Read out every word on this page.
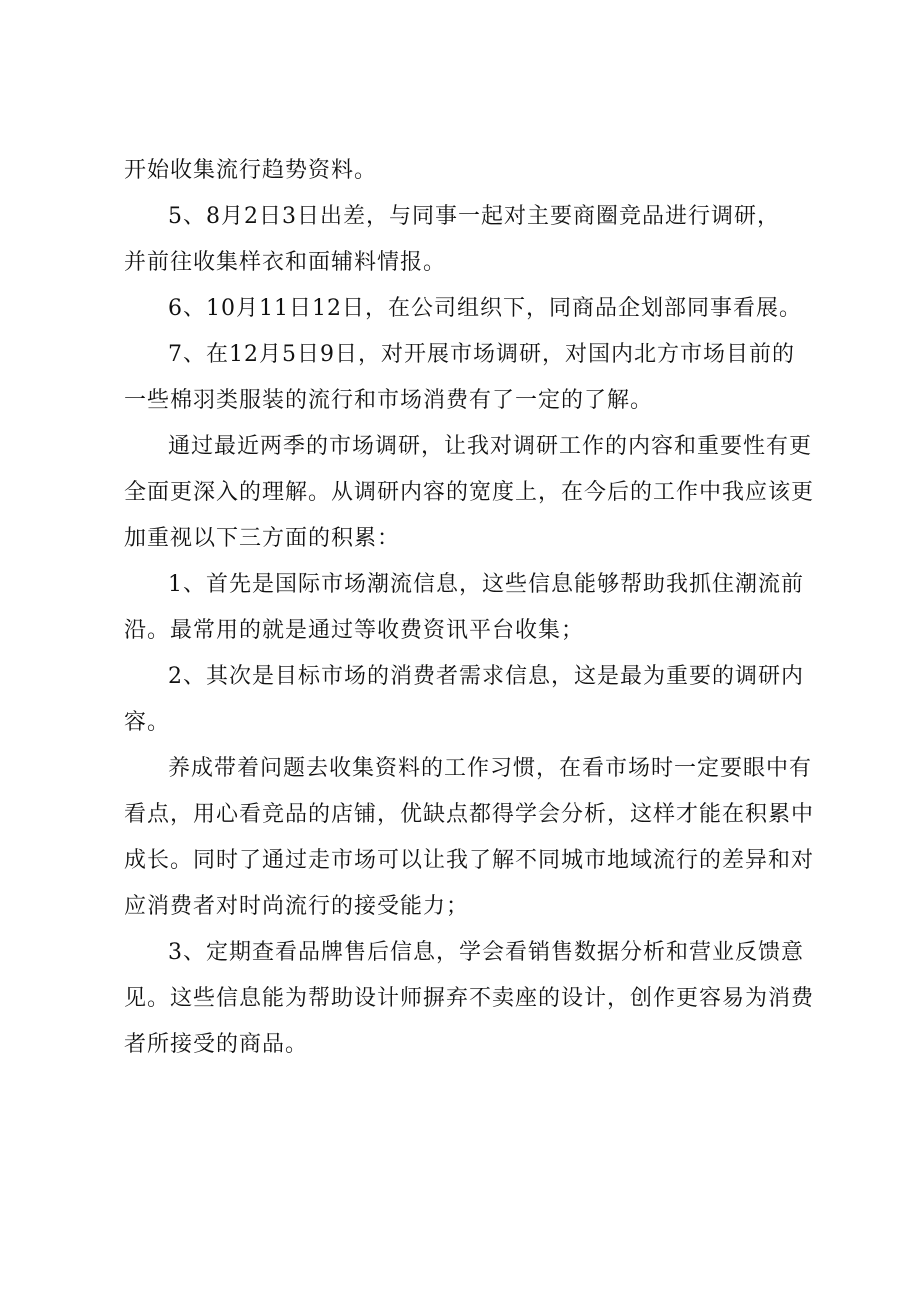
开始收集流行趋势资料。
5、8月2日3日出差，与同事一起对主要商圈竞品进行调研，
并前往收集样衣和面辅料情报。
6、10月11日12日，在公司组织下，同商品企划部同事看展。
7、在12月5日9日，对开展市场调研，对国内北方市场目前的
一些棉羽类服装的流行和市场消费有了一定的了解。
通过最近两季的市场调研，让我对调研工作的内容和重要性有更
全面更深入的理解。从调研内容的宽度上，在今后的工作中我应该更
加重视以下三方面的积累：
1、首先是国际市场潮流信息，这些信息能够帮助我抓住潮流前
沿。最常用的就是通过等收费资讯平台收集；
2、其次是目标市场的消费者需求信息，这是最为重要的调研内
容。
养成带着问题去收集资料的工作习惯，在看市场时一定要眼中有
看点，用心看竞品的店铺，优缺点都得学会分析，这样才能在积累中
成长。同时了通过走市场可以让我了解不同城市地域流行的差异和对
应消费者对时尚流行的接受能力；
3、定期查看品牌售后信息，学会看销售数据分析和营业反馈意
见。这些信息能为帮助设计师摒弃不卖座的设计，创作更容易为消费
者所接受的商品。
